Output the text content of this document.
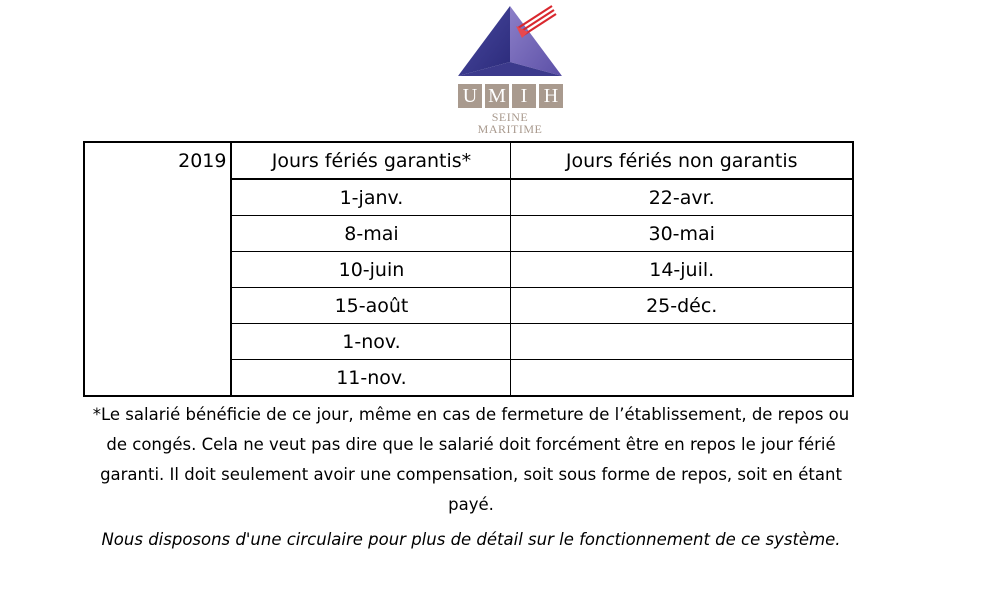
U M I H
SEINE
MARITIME
2019	Jours fériés garantis*	Jours fériés non garantis
	1-janv.	22-avr.
	8-mai	30-mai
	10-juin	14-juil.
	15-août	25-déc.
	1-nov.	
	11-nov.	

*Le salarié bénéficie de ce jour, même en cas de fermeture de l’établissement, de repos ou de congés. Cela ne veut pas dire que le salarié doit forcément être en repos le jour férié garanti. Il doit seulement avoir une compensation, soit sous forme de repos, soit en étant payé.

Nous disposons d'une circulaire pour plus de détail sur le fonctionnement de ce système.
